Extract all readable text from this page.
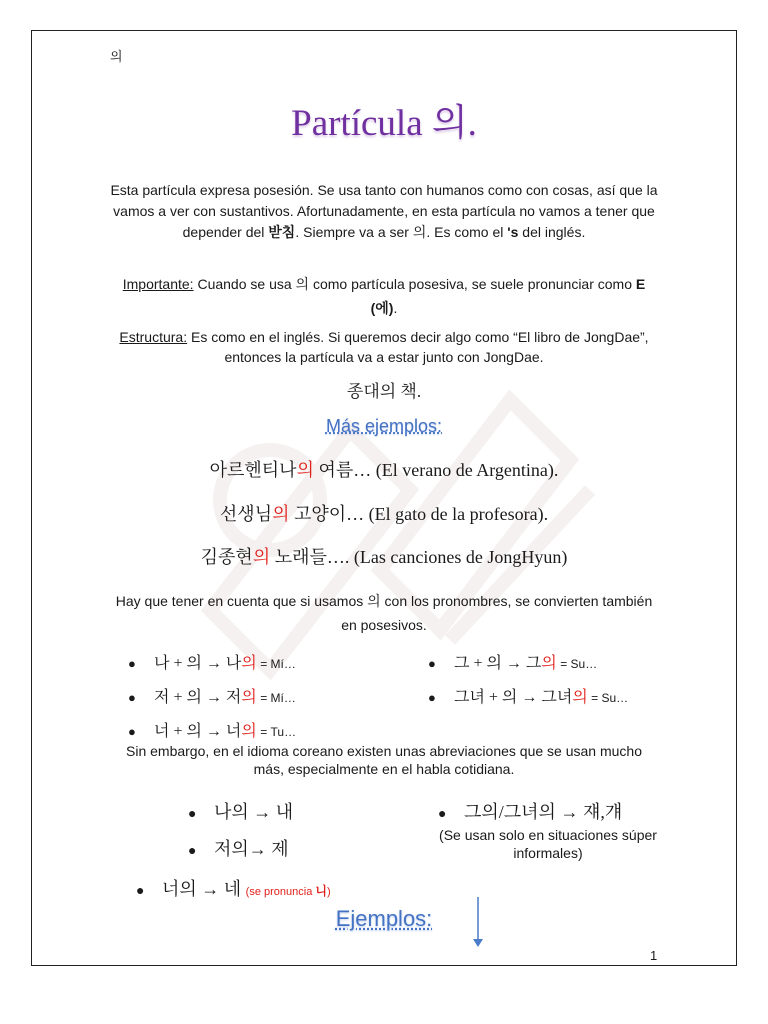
의
Partícula 의.
Esta partícula expresa posesión. Se usa tanto con humanos como con cosas, así que la vamos a ver con sustantivos. Afortunadamente, en esta partícula no vamos a tener que depender del 받침. Siempre va a ser 의. Es como el 's del inglés.
Importante: Cuando se usa 의 como partícula posesiva, se suele pronunciar como E (에).
Estructura: Es como en el inglés. Si queremos decir algo como “El libro de JongDae”, entonces la partícula va a estar junto con JongDae.
종대의 책.
Más ejemplos:
아르헨티나의 여름… (El verano de Argentina).
선생님의 고양이… (El gato de la profesora).
김종현의 노래들…. (Las canciones de JongHyun)
Hay que tener en cuenta que si usamos 의 con los pronombres, se convierten también en posesivos.
● 나 + 의 → 나의 = Mí…
● 저 + 의 → 저의 = Mí…
● 너 + 의 → 너의 = Tu…
● 그 + 의 → 그의 = Su…
● 그녀 + 의 → 그녀의 = Su…
Sin embargo, en el idioma coreano existen unas abreviaciones que se usan mucho más, especialmente en el habla cotidiana.
● 나의 → 내
● 저의→ 제
● 그의/그녀의 → 쟤,걔
(Se usan solo en situaciones súper informales)
● 너의 → 네 (se pronuncia 니)
Ejemplos:
1
